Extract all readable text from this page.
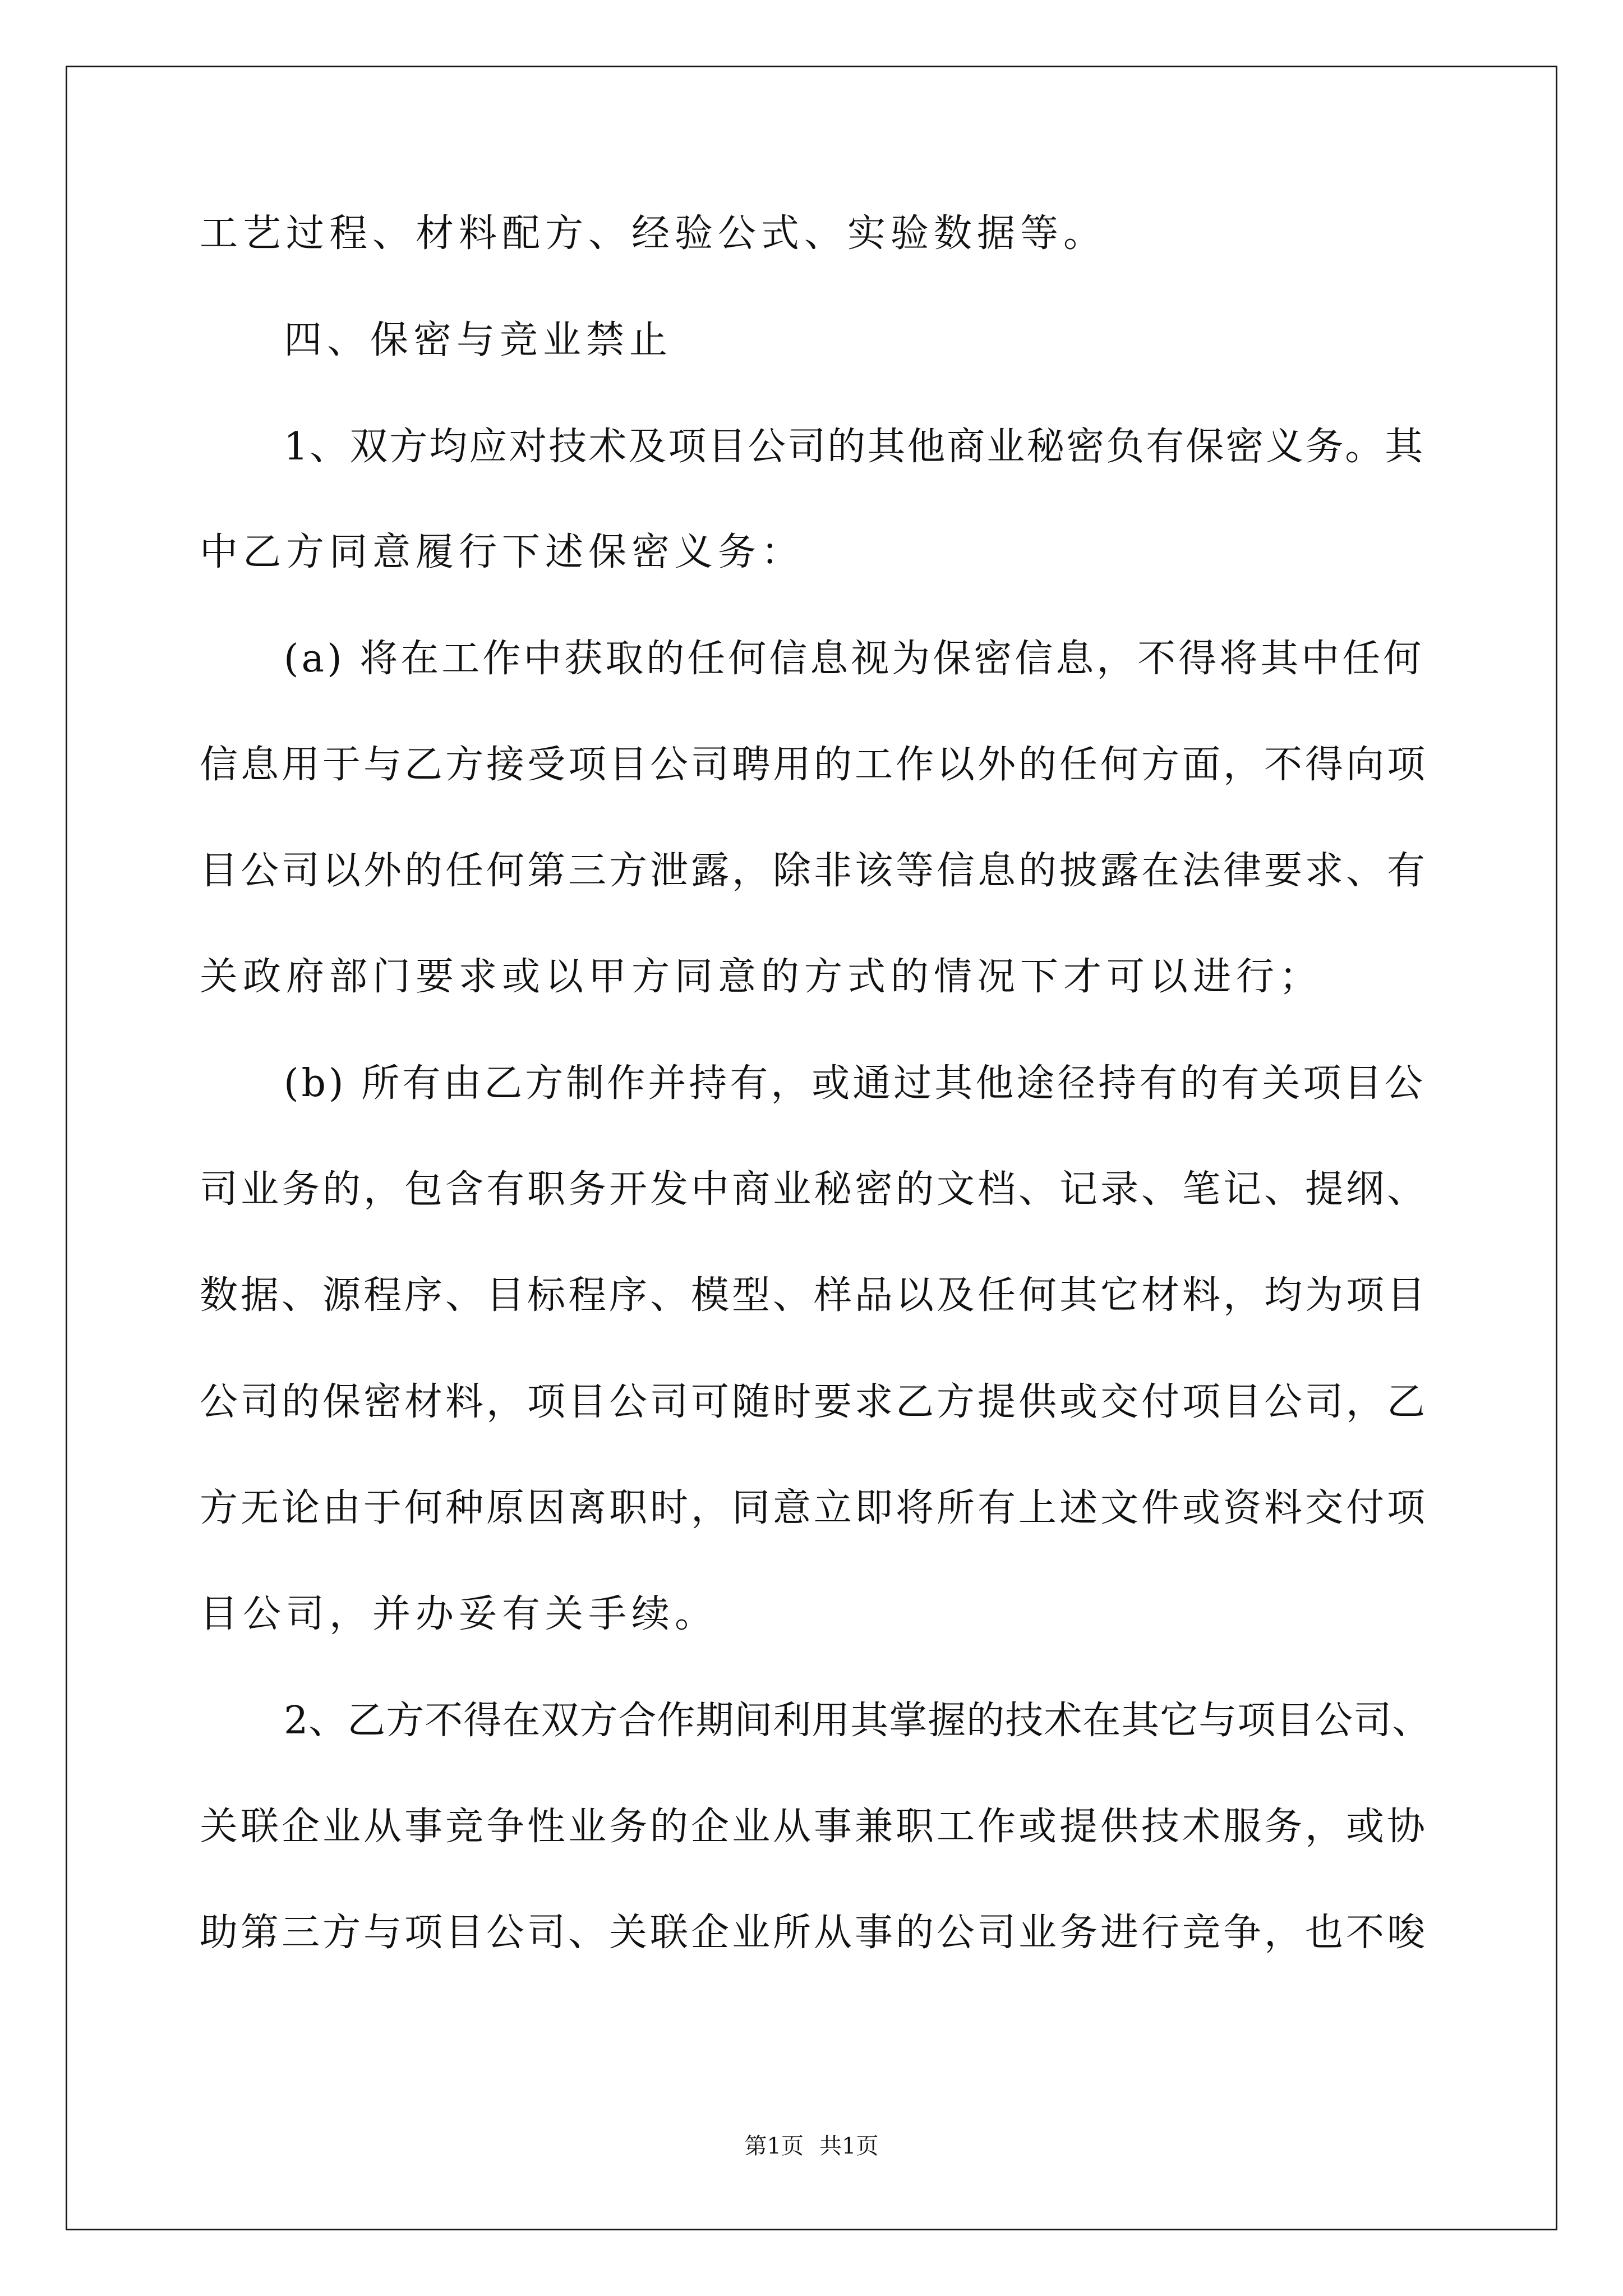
工艺过程、材料配方、经验公式、实验数据等。
四、保密与竞业禁止
1、双方均应对技术及项目公司的其他商业秘密负有保密义务。其
中乙方同意履行下述保密义务：
(a) 将在工作中获取的任何信息视为保密信息，不得将其中任何
信息用于与乙方接受项目公司聘用的工作以外的任何方面，不得向项
目公司以外的任何第三方泄露，除非该等信息的披露在法律要求、有
关政府部门要求或以甲方同意的方式的情况下才可以进行；
(b) 所有由乙方制作并持有，或通过其他途径持有的有关项目公
司业务的，包含有职务开发中商业秘密的文档、记录、笔记、提纲、
数据、源程序、目标程序、模型、样品以及任何其它材料，均为项目
公司的保密材料，项目公司可随时要求乙方提供或交付项目公司，乙
方无论由于何种原因离职时，同意立即将所有上述文件或资料交付项
目公司，并办妥有关手续。
2、乙方不得在双方合作期间利用其掌握的技术在其它与项目公司、
关联企业从事竞争性业务的企业从事兼职工作或提供技术服务，或协
助第三方与项目公司、关联企业所从事的公司业务进行竞争，也不唆
第1页 共1页
